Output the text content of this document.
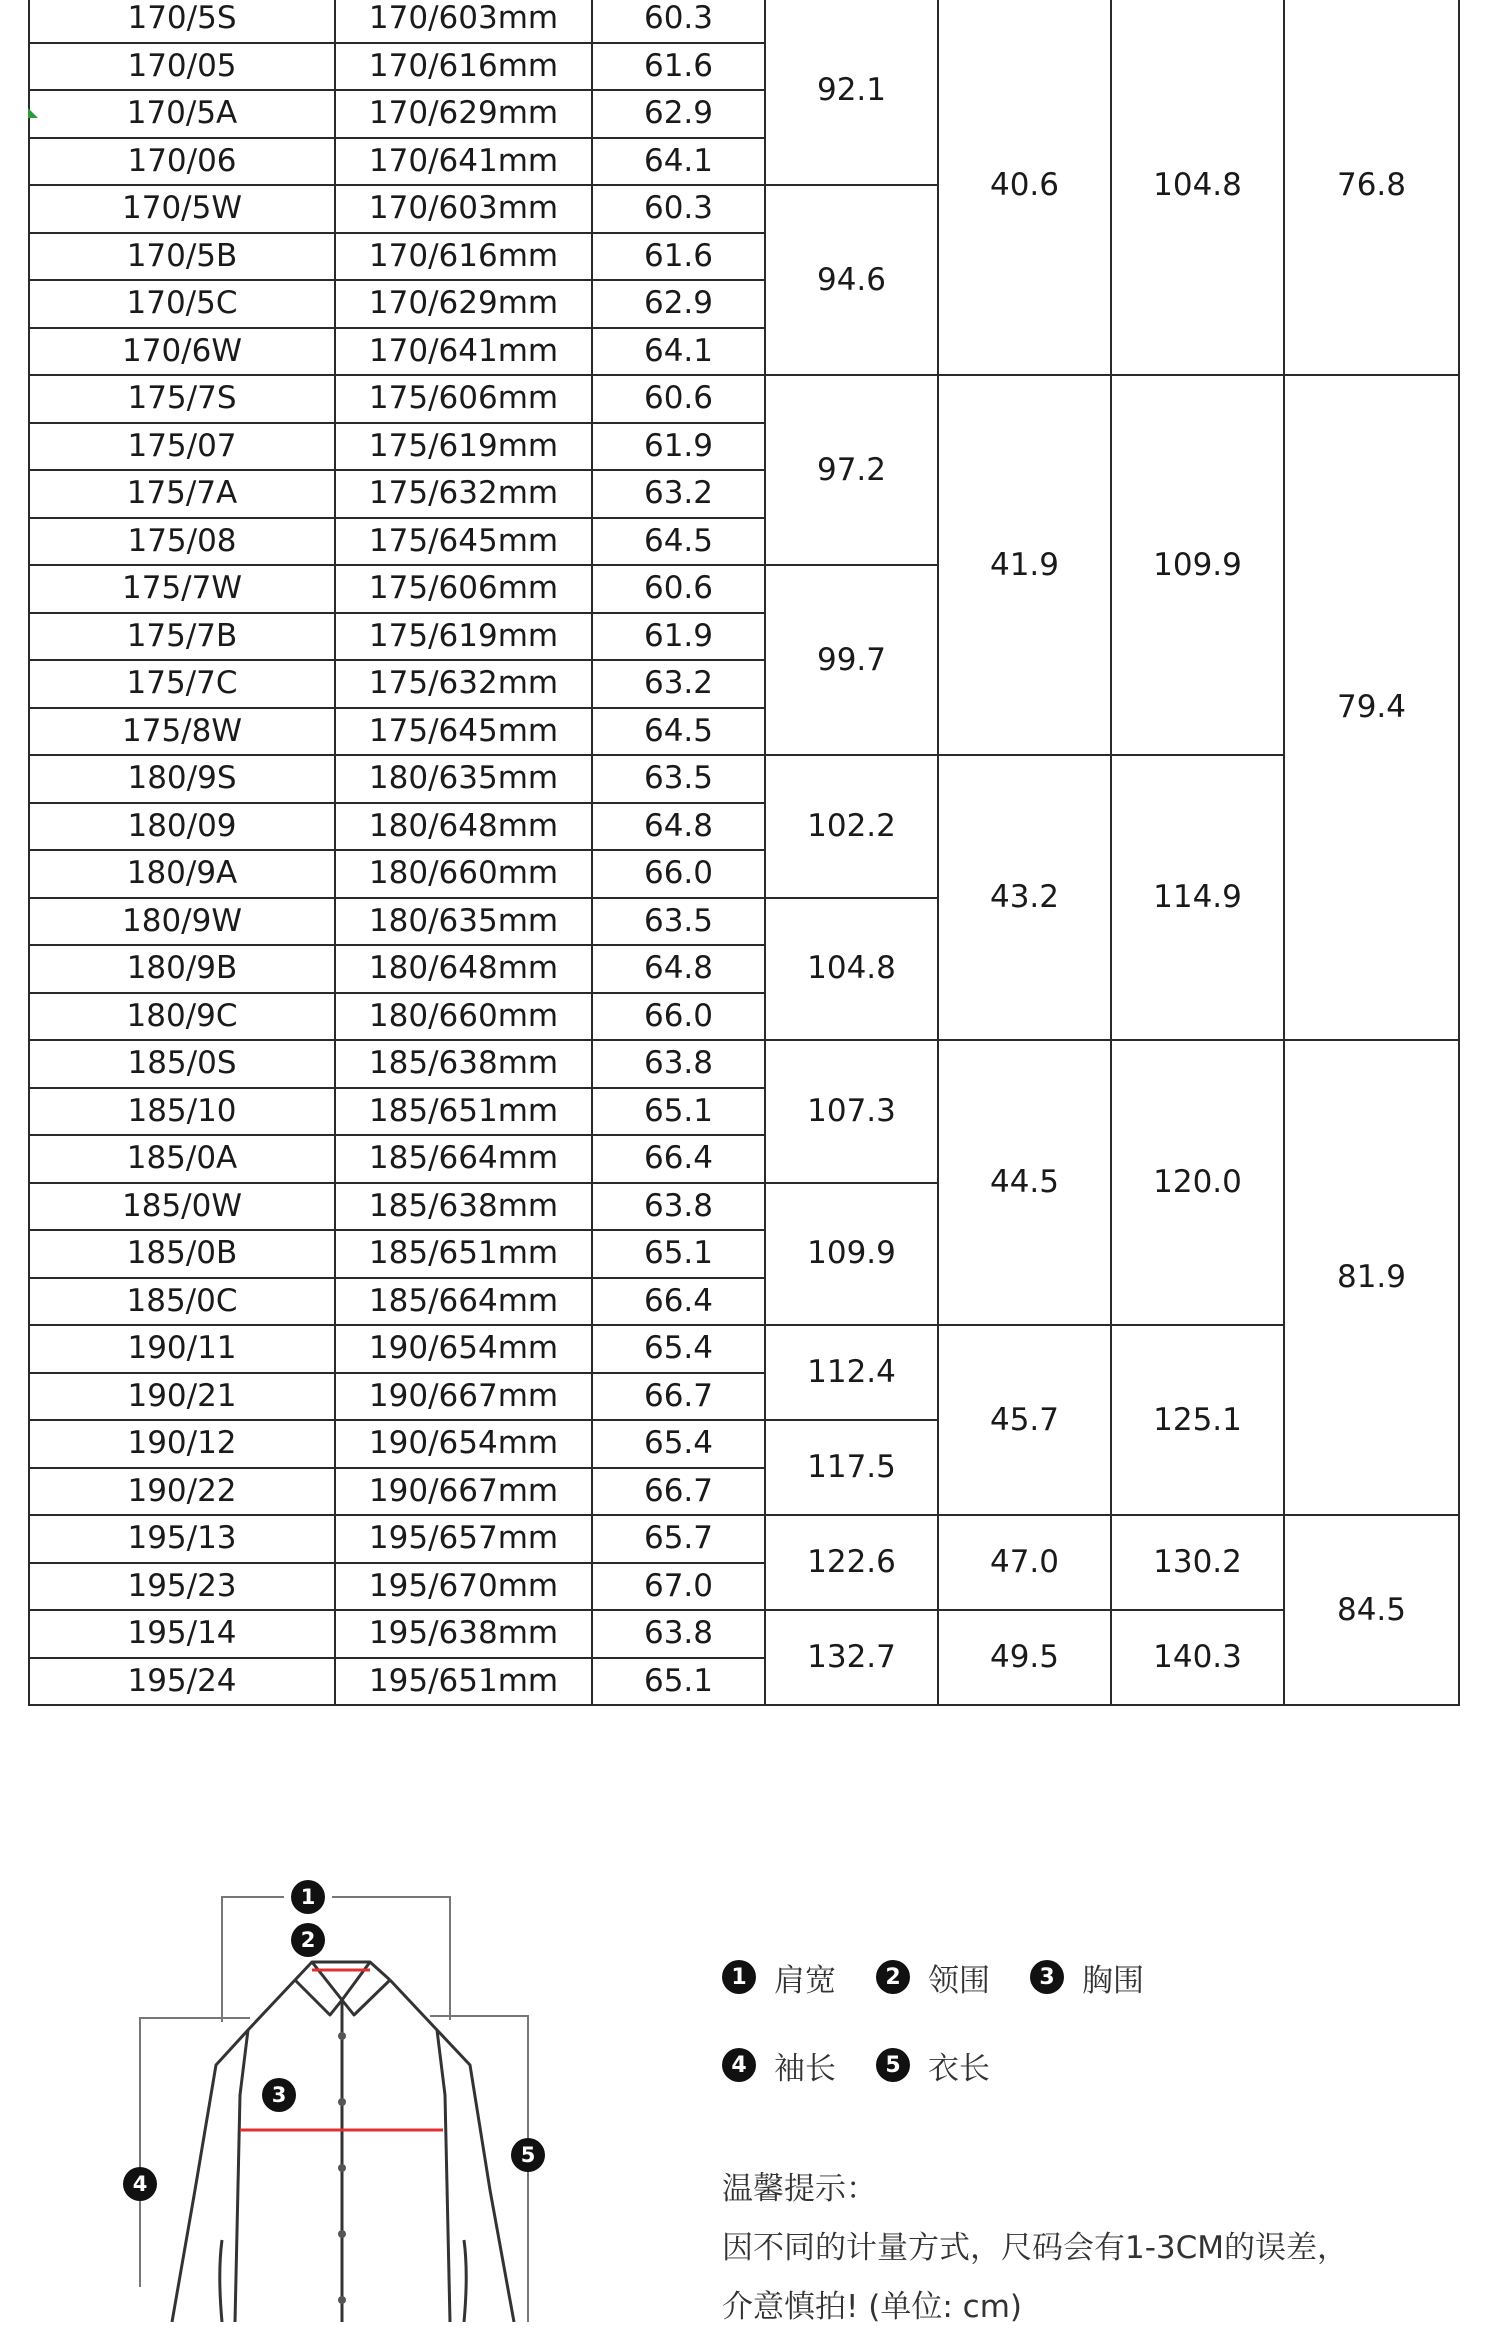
170/5S	170/603mm	60.3	92.1	40.6	104.8	76.8
170/05	170/616mm	61.6				
170/5A	170/629mm	62.9				
170/06	170/641mm	64.1				
170/5W	170/603mm	60.3	94.6			
170/5B	170/616mm	61.6				
170/5C	170/629mm	62.9				
170/6W	170/641mm	64.1				
175/7S	175/606mm	60.6	97.2	41.9	109.9	79.4
175/07	175/619mm	61.9				
175/7A	175/632mm	63.2				
175/08	175/645mm	64.5				
175/7W	175/606mm	60.6	99.7			
175/7B	175/619mm	61.9				
175/7C	175/632mm	63.2				
175/8W	175/645mm	64.5				
180/9S	180/635mm	63.5	102.2	43.2	114.9	
180/09	180/648mm	64.8				
180/9A	180/660mm	66.0				
180/9W	180/635mm	63.5	104.8			
180/9B	180/648mm	64.8				
180/9C	180/660mm	66.0				
185/0S	185/638mm	63.8	107.3	44.5	120.0	81.9
185/10	185/651mm	65.1				
185/0A	185/664mm	66.4				
185/0W	185/638mm	63.8	109.9			
185/0B	185/651mm	65.1				
185/0C	185/664mm	66.4				
190/11	190/654mm	65.4	112.4	45.7	125.1	
190/21	190/667mm	66.7				
190/12	190/654mm	65.4	117.5			
190/22	190/667mm	66.7				
195/13	195/657mm	65.7	122.6	47.0	130.2	84.5
195/23	195/670mm	67.0				
195/14	195/638mm	63.8	132.7	49.5	140.3	
195/24	195/651mm	65.1				
1
2
3
4
5
1 肩宽	2 领围	3 胸围
4 袖长	5 衣长
温馨提示：
因不同的计量方式，尺码会有1-3CM的误差，
介意慎拍! (单位: cm)
